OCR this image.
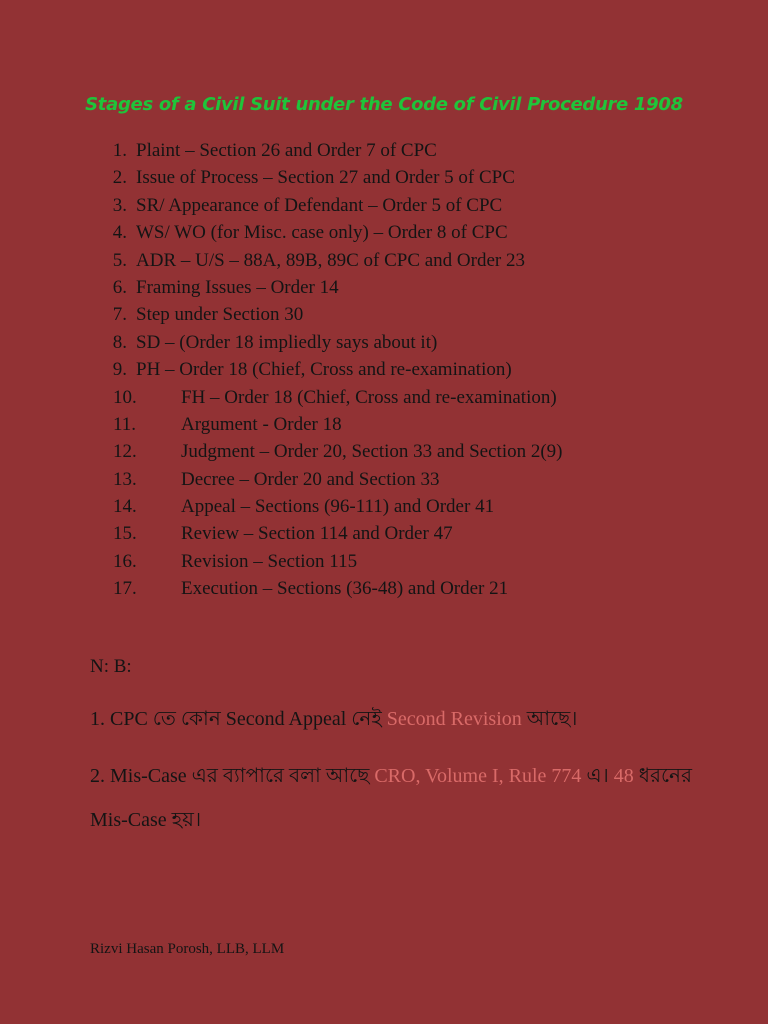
Stages of a Civil Suit under the Code of Civil Procedure 1908
1. Plaint – Section 26 and Order 7 of CPC
2. Issue of Process – Section 27 and Order 5 of CPC
3. SR/ Appearance of Defendant – Order 5 of CPC
4. WS/ WO (for Misc. case only) – Order 8 of CPC
5. ADR – U/S – 88A, 89B, 89C of CPC and Order 23
6. Framing Issues – Order 14
7. Step under Section 30
8. SD – (Order 18 impliedly says about it)
9. PH – Order 18 (Chief, Cross and re-examination)
10. FH – Order 18 (Chief, Cross and re-examination)
11. Argument - Order 18
12. Judgment – Order 20, Section 33 and Section 2(9)
13. Decree – Order 20 and Section 33
14. Appeal – Sections (96-111) and Order 41
15. Review – Section 114 and Order 47
16. Revision – Section 115
17. Execution – Sections (36-48) and Order 21

N: B:

1. CPC তে কোন Second Appeal নেই Second Revision আছে।

2. Mis-Case এর ব্যাপারে বলা আছে CRO, Volume I, Rule 774 এ। 48 ধরনের

Mis-Case হয়।

Rizvi Hasan Porosh, LLB, LLM
